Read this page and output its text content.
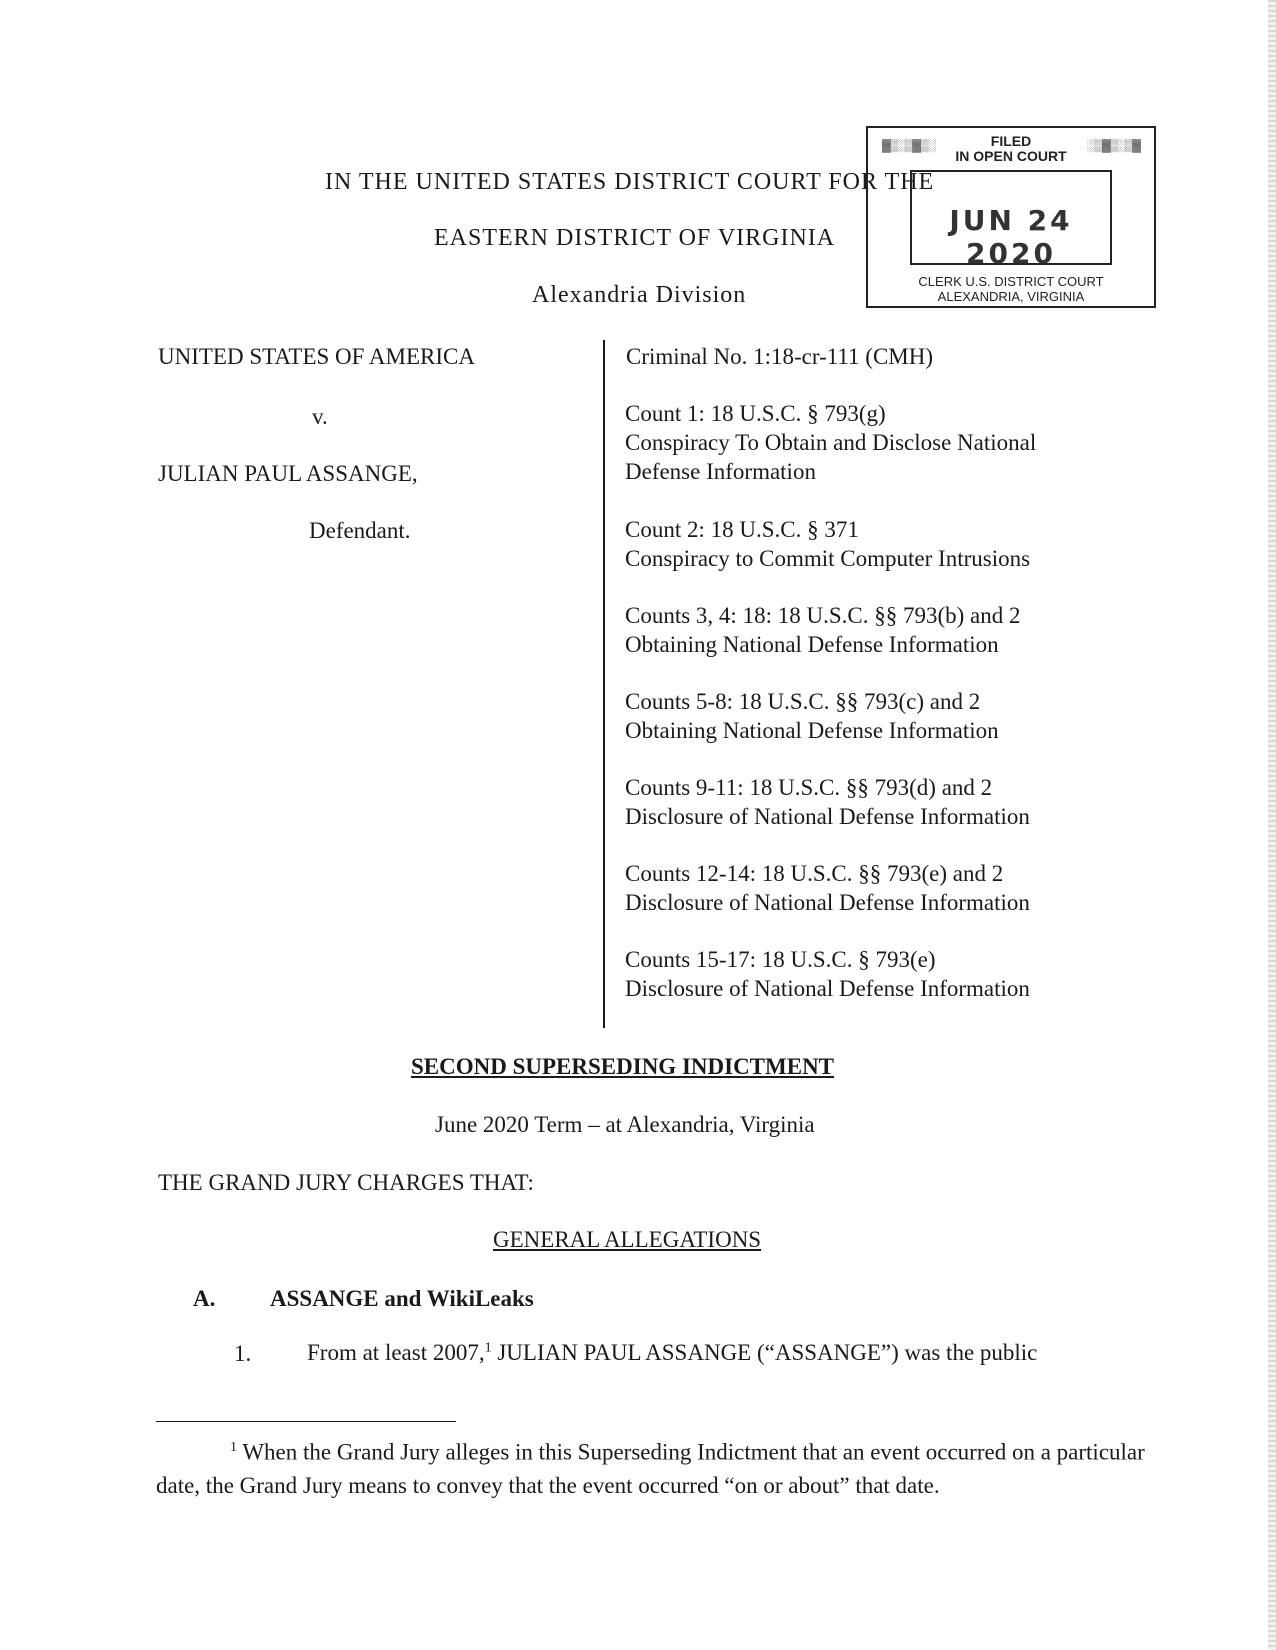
IN THE UNITED STATES DISTRICT COURT FOR THE
EASTERN DISTRICT OF VIRGINIA
Alexandria Division
▓▒░▒▓▒░	░▒▓▒░▒▓
FILED
IN OPEN COURT
JUN 24 2020
CLERK U.S. DISTRICT COURT
ALEXANDRIA, VIRGINIA
UNITED STATES OF AMERICA
v.
JULIAN PAUL ASSANGE,
Defendant.
Criminal No. 1:18-cr-111 (CMH)
Count 1: 18 U.S.C. § 793(g)
Conspiracy To Obtain and Disclose National
Defense Information
Count 2: 18 U.S.C. § 371
Conspiracy to Commit Computer Intrusions
Counts 3, 4: 18: 18 U.S.C. §§ 793(b) and 2
Obtaining National Defense Information
Counts 5-8: 18 U.S.C. §§ 793(c) and 2
Obtaining National Defense Information
Counts 9-11: 18 U.S.C. §§ 793(d) and 2
Disclosure of National Defense Information
Counts 12-14: 18 U.S.C. §§ 793(e) and 2
Disclosure of National Defense Information
Counts 15-17: 18 U.S.C. § 793(e)
Disclosure of National Defense Information
SECOND SUPERSEDING INDICTMENT
June 2020 Term – at Alexandria, Virginia
THE GRAND JURY CHARGES THAT:
GENERAL ALLEGATIONS
A. ASSANGE and WikiLeaks
1. From at least 2007,$^1$ JULIAN PAUL ASSANGE (“ASSANGE”) was the public
$^1$ When the Grand Jury alleges in this Superseding Indictment that an event occurred on a particular date, the Grand Jury means to convey that the event occurred “on or about” that date.
